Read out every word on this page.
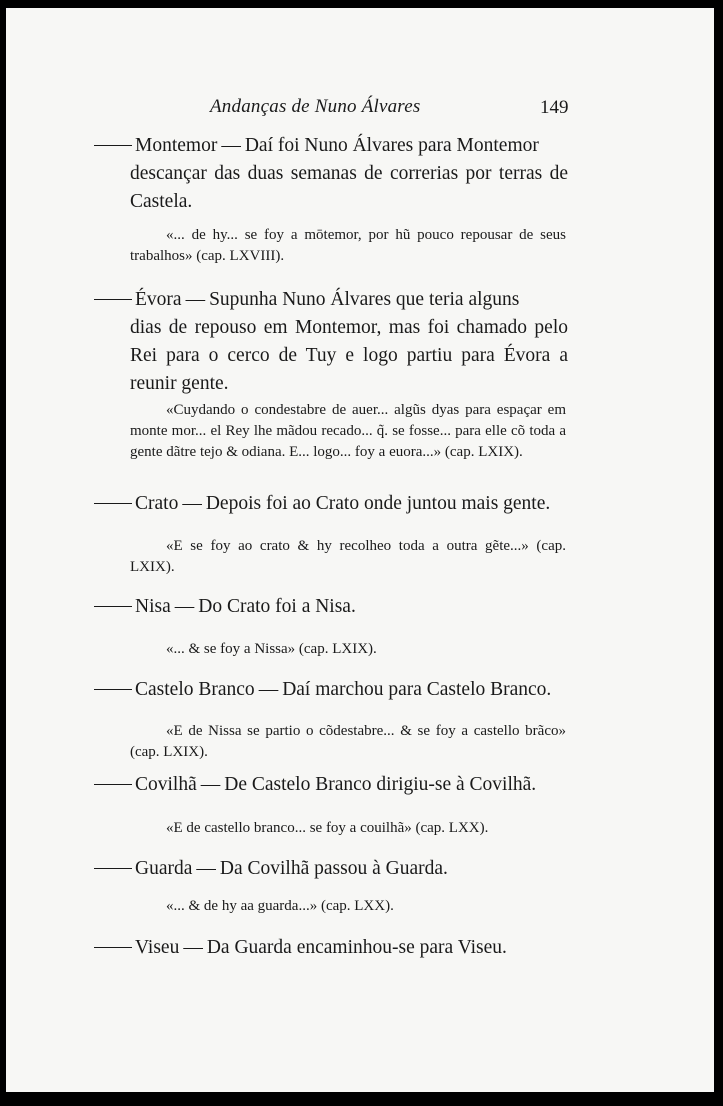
Andanças de Nuno Álvares	149

Montemor — Daí foi Nuno Álvares para Montemor

descançar das duas semanas de correrias por terras de Castela.

«... de hy... se foy a mōtemor, por hũ pouco repousar de seus trabalhos» (cap. LXVIII).

Évora — Supunha Nuno Álvares que teria alguns

dias de repouso em Montemor, mas foi chamado pelo Rei para o cerco de Tuy e logo partiu para Évora a reunir gente.

«Cuydando o condestabre de auer... algũs dyas para espaçar em monte mor... el Rey lhe mãdou recado... q̃. se fosse... para elle cõ toda a gente dãtre tejo & odiana. E... logo... foy a euora...» (cap. LXIX).

Crato — Depois foi ao Crato onde juntou mais gente.

«E se foy ao crato & hy recolheo toda a outra gẽte...» (cap. LXIX).

Nisa — Do Crato foi a Nisa.

«... & se foy a Nissa» (cap. LXIX).

Castelo Branco — Daí marchou para Castelo Branco.

«E de Nissa se partio o cõdestabre... & se foy a castello brãco» (cap. LXIX).

Covilhã — De Castelo Branco dirigiu-se à Covilhã.

«E de castello branco... se foy a couilhã» (cap. LXX).

Guarda — Da Covilhã passou à Guarda.

«... & de hy aa guarda...» (cap. LXX).

Viseu — Da Guarda encaminhou-se para Viseu.
